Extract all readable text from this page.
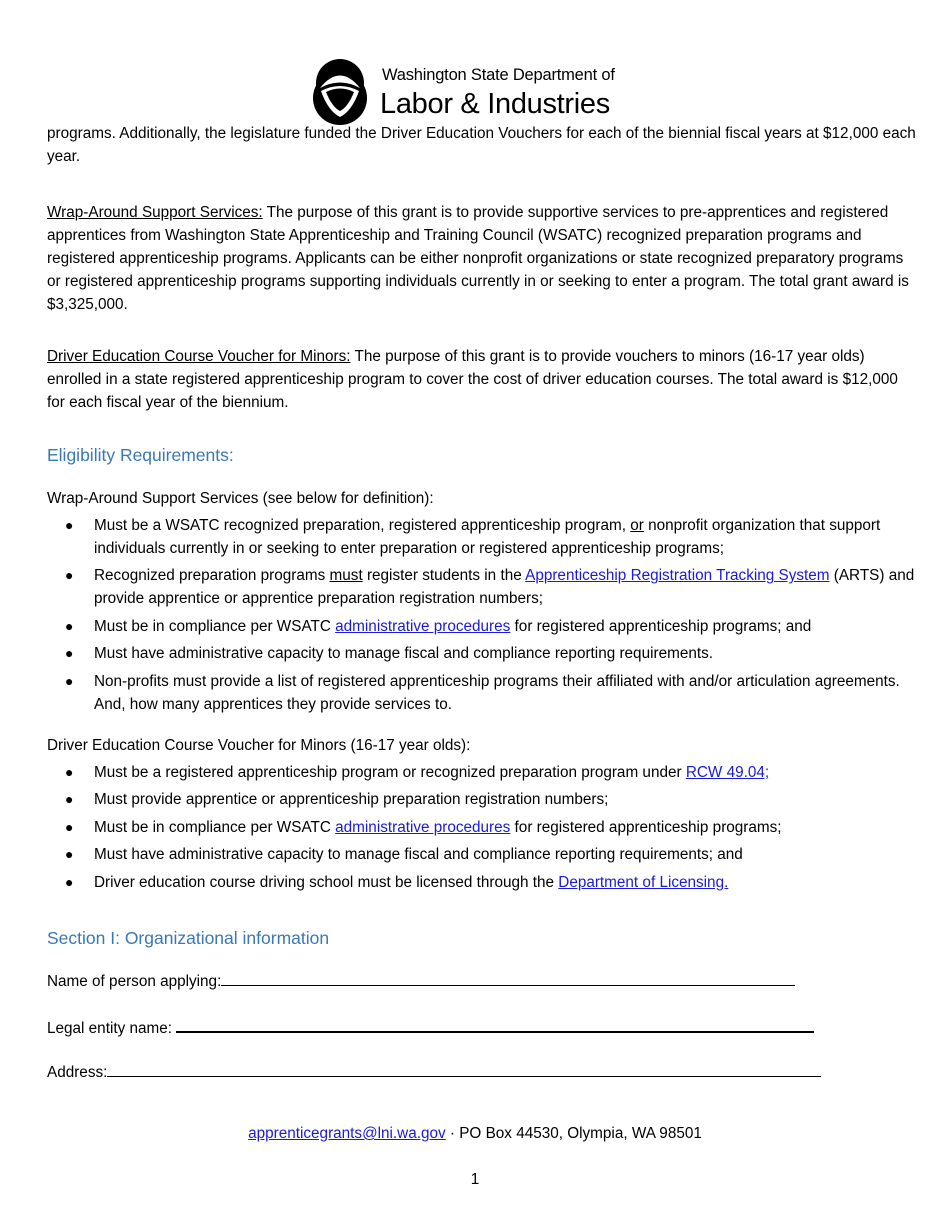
Washington State Department of
Labor & Industries
programs. Additionally, the legislature funded the Driver Education Vouchers for each of the biennial fiscal years at $12,000 each year.
Wrap-Around Support Services: The purpose of this grant is to provide supportive services to pre-apprentices and registered apprentices from Washington State Apprenticeship and Training Council (WSATC) recognized preparation programs and registered apprenticeship programs. Applicants can be either nonprofit organizations or state recognized preparatory programs or registered apprenticeship programs supporting individuals currently in or seeking to enter a program. The total grant award is $3,325,000.
Driver Education Course Voucher for Minors: The purpose of this grant is to provide vouchers to minors (16-17 year olds) enrolled in a state registered apprenticeship program to cover the cost of driver education courses. The total award is $12,000 for each fiscal year of the biennium.
Eligibility Requirements:
Wrap-Around Support Services (see below for definition):
● Must be a WSATC recognized preparation, registered apprenticeship program, or nonprofit organization that support individuals currently in or seeking to enter preparation or registered apprenticeship programs;
● Recognized preparation programs must register students in the Apprenticeship Registration Tracking System (ARTS) and provide apprentice or apprentice preparation registration numbers;
● Must be in compliance per WSATC administrative procedures for registered apprenticeship programs; and
● Must have administrative capacity to manage fiscal and compliance reporting requirements.
● Non-profits must provide a list of registered apprenticeship programs their affiliated with and/or articulation agreements. And, how many apprentices they provide services to.
Driver Education Course Voucher for Minors (16-17 year olds):
● Must be a registered apprenticeship program or recognized preparation program under RCW 49.04;
● Must provide apprentice or apprenticeship preparation registration numbers;
● Must be in compliance per WSATC administrative procedures for registered apprenticeship programs;
● Must have administrative capacity to manage fiscal and compliance reporting requirements; and
● Driver education course driving school must be licensed through the Department of Licensing.
Section I: Organizational information
Name of person applying:
Legal entity name:
Address:
apprenticegrants@lni.wa.gov · PO Box 44530, Olympia, WA 98501
1
